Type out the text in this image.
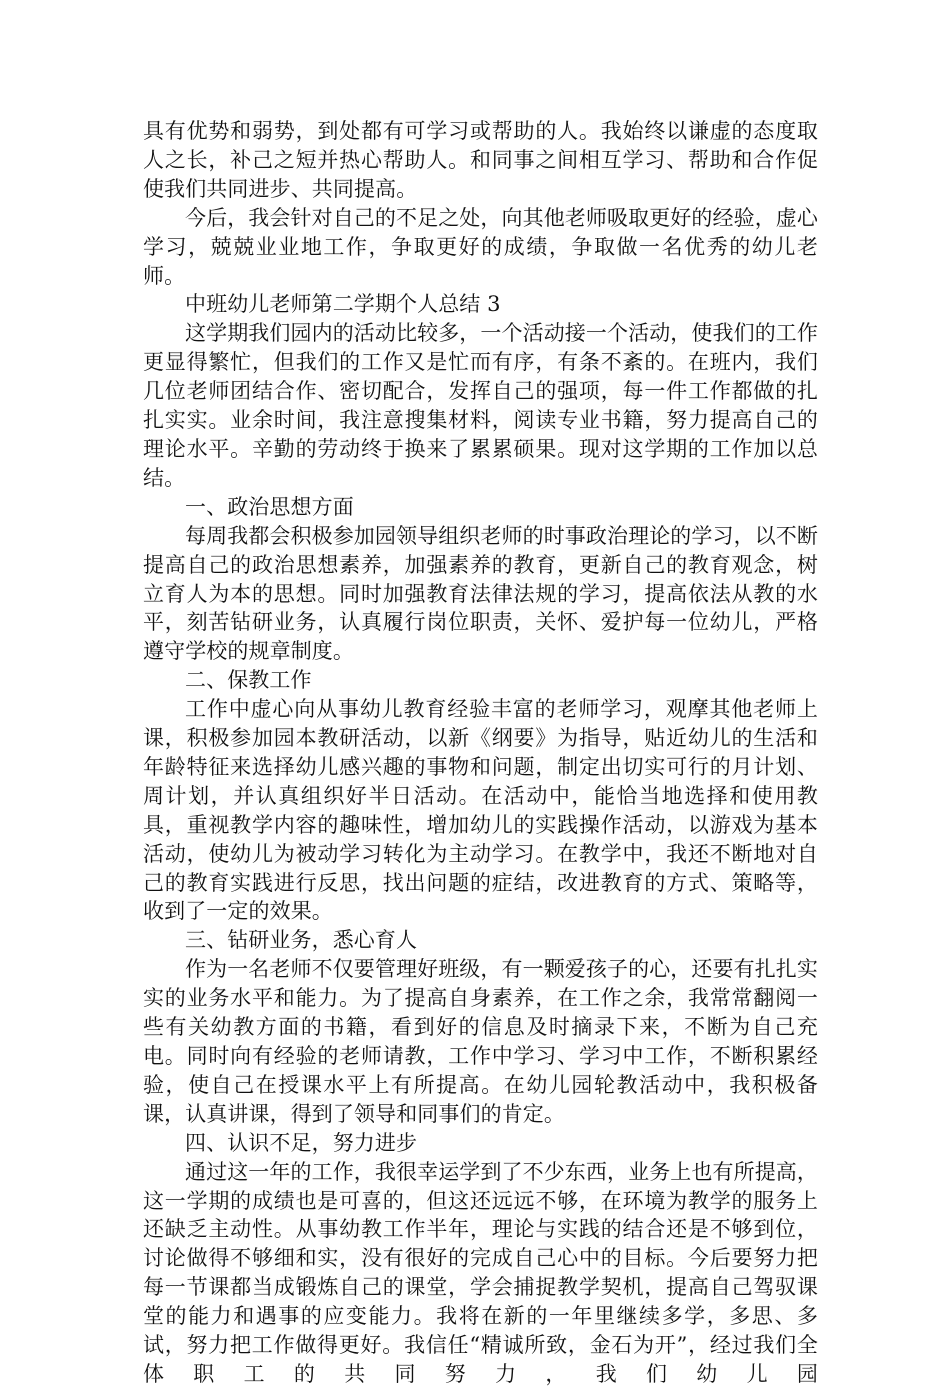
具有优势和弱势，到处都有可学习或帮助的人。我始终以谦虚的态度取人之长，补己之短并热心帮助人。和同事之间相互学习、帮助和合作促使我们共同进步、共同提高。

今后，我会针对自己的不足之处，向其他老师吸取更好的经验，虚心学习，兢兢业业地工作，争取更好的成绩，争取做一名优秀的幼儿老师。

中班幼儿老师第二学期个人总结 3

这学期我们园内的活动比较多，一个活动接一个活动，使我们的工作更显得繁忙，但我们的工作又是忙而有序，有条不紊的。在班内，我们几位老师团结合作、密切配合，发挥自己的强项，每一件工作都做的扎扎实实。业余时间，我注意搜集材料，阅读专业书籍，努力提高自己的理论水平。辛勤的劳动终于换来了累累硕果。现对这学期的工作加以总结。

一、政治思想方面

每周我都会积极参加园领导组织老师的时事政治理论的学习，以不断提高自己的政治思想素养，加强素养的教育，更新自己的教育观念，树立育人为本的思想。同时加强教育法律法规的学习，提高依法从教的水平，刻苦钻研业务，认真履行岗位职责，关怀、爱护每一位幼儿，严格遵守学校的规章制度。

二、保教工作

工作中虚心向从事幼儿教育经验丰富的老师学习，观摩其他老师上课，积极参加园本教研活动，以新《纲要》为指导，贴近幼儿的生活和年龄特征来选择幼儿感兴趣的事物和问题，制定出切实可行的月计划、周计划，并认真组织好半日活动。在活动中，能恰当地选择和使用教具，重视教学内容的趣味性，增加幼儿的实践操作活动，以游戏为基本活动，使幼儿为被动学习转化为主动学习。在教学中，我还不断地对自己的教育实践进行反思，找出问题的症结，改进教育的方式、策略等，收到了一定的效果。

三、钻研业务，悉心育人

作为一名老师不仅要管理好班级，有一颗爱孩子的心，还要有扎扎实实的业务水平和能力。为了提高自身素养，在工作之余，我常常翻阅一些有关幼教方面的书籍，看到好的信息及时摘录下来，不断为自己充电。同时向有经验的老师请教，工作中学习、学习中工作，不断积累经验，使自己在授课水平上有所提高。在幼儿园轮教活动中，我积极备课，认真讲课，得到了领导和同事们的肯定。

四、认识不足，努力进步

通过这一年的工作，我很幸运学到了不少东西，业务上也有所提高，这一学期的成绩也是可喜的，但这还远远不够，在环境为教学的服务上还缺乏主动性。从事幼教工作半年，理论与实践的结合还是不够到位，讨论做得不够细和实，没有很好的完成自己心中的目标。今后要努力把每一节课都当成锻炼自己的课堂，学会捕捉教学契机，提高自己驾驭课堂的能力和遇事的应变能力。我将在新的一年里继续多学，多思、多试，努力把工作做得更好。我信任“精诚所致，金石为开”，经过我们全体职工的共同努力，我们幼儿园
